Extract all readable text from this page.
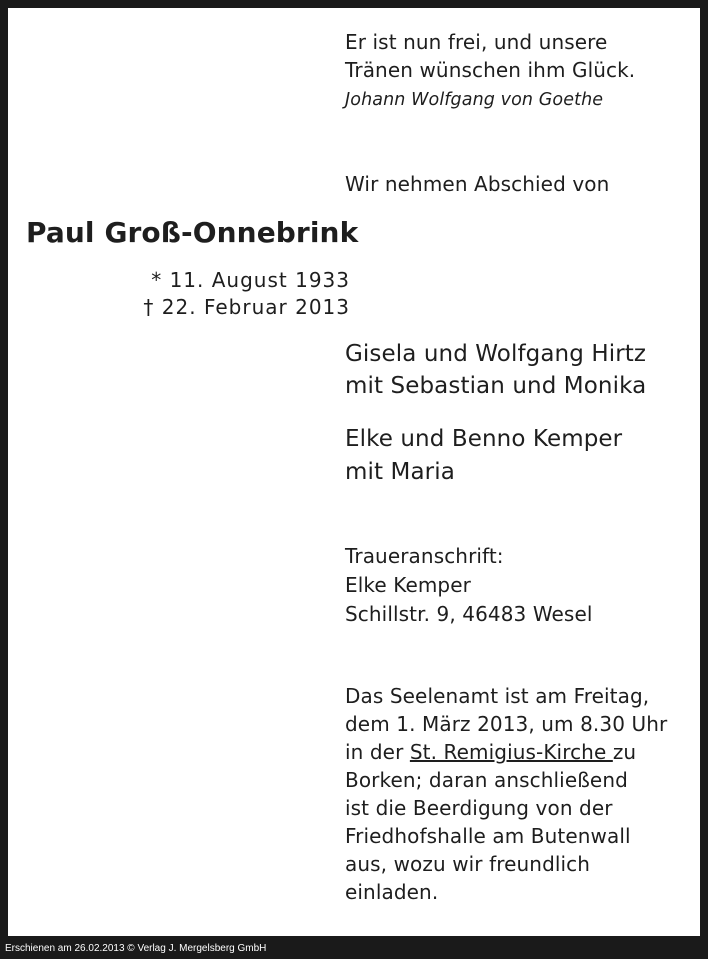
Er ist nun frei, und unsere
Tränen wünschen ihm Glück.
Johann Wolfgang von Goethe
Wir nehmen Abschied von
Paul Groß-Onnebrink
* 11. August 1933
† 22. Februar 2013
Gisela und Wolfgang Hirtz
mit Sebastian und Monika
Elke und Benno Kemper
mit Maria
Traueranschrift:
Elke Kemper
Schillstr. 9, 46483 Wesel
Das Seelenamt ist am Freitag,
dem 1. März 2013, um 8.30 Uhr
in der St. Remigius-Kirche zu
Borken; daran anschließend
ist die Beerdigung von der
Friedhofshalle am Butenwall
aus, wozu wir freundlich
einladen.
Erschienen am 26.02.2013 © Verlag J. Mergelsberg GmbH
